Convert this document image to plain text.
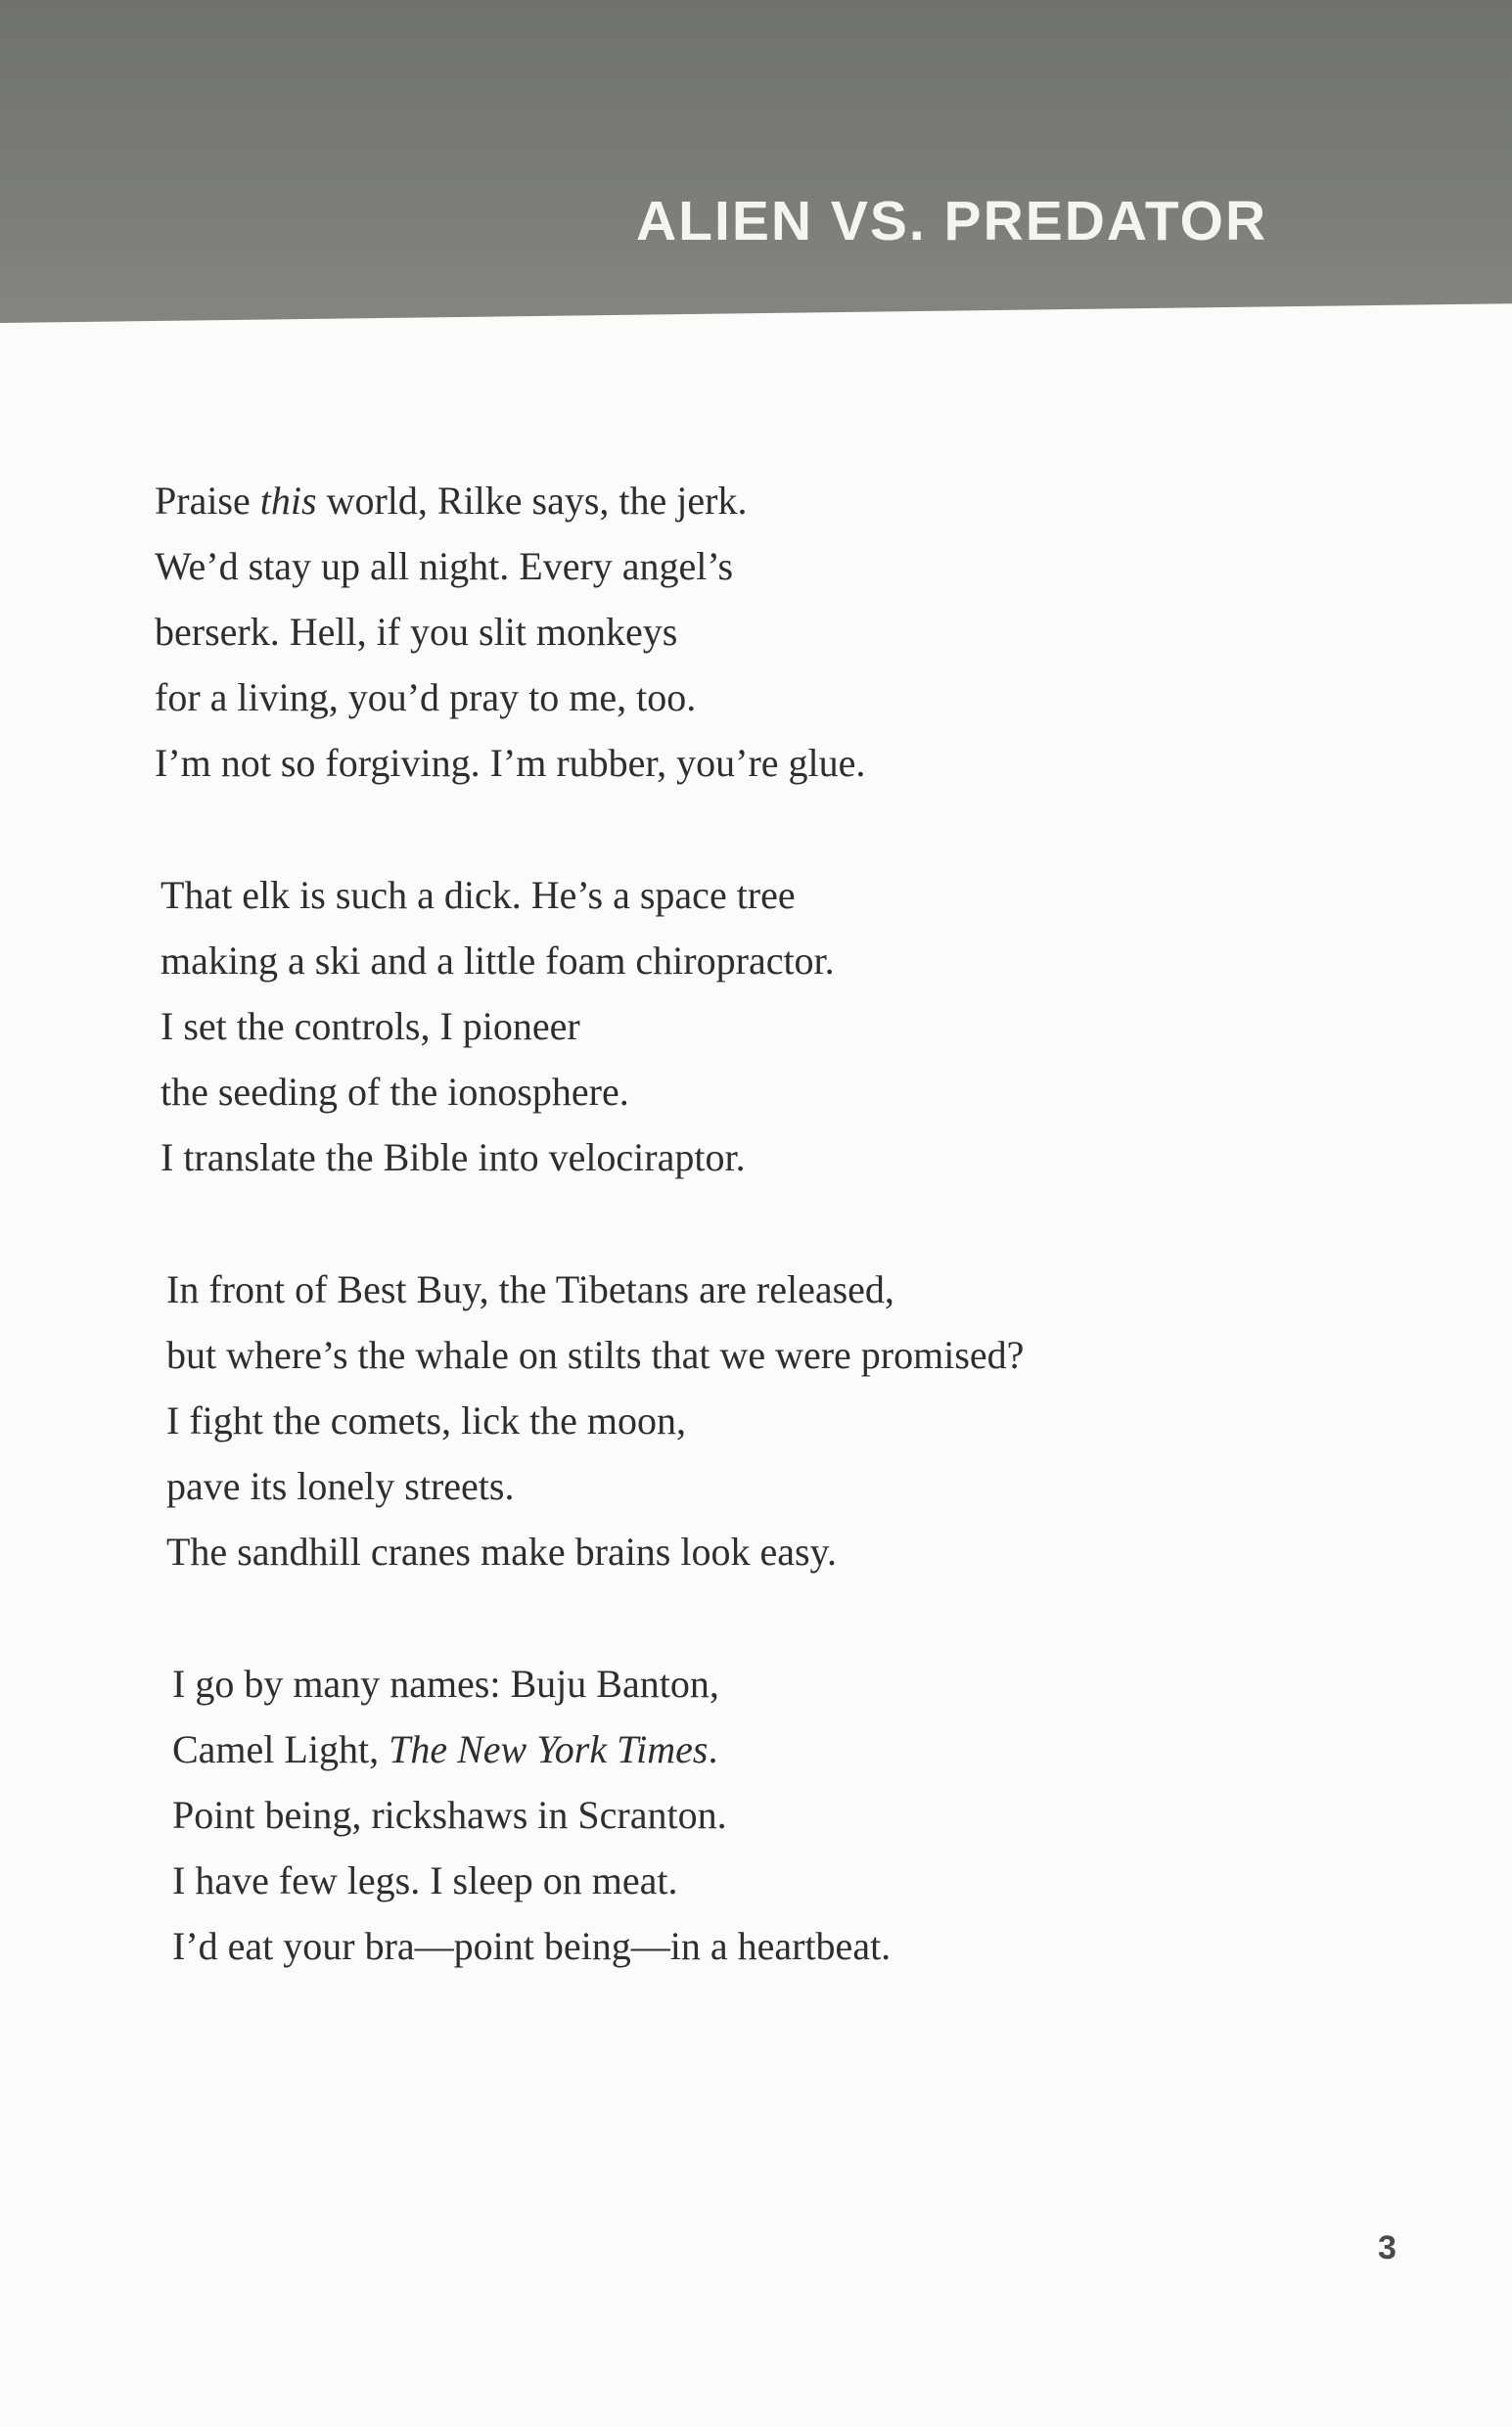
ALIEN VS. PREDATOR
Praise this world, Rilke says, the jerk.
We’d stay up all night. Every angel’s
berserk. Hell, if you slit monkeys
for a living, you’d pray to me, too.
I’m not so forgiving. I’m rubber, you’re glue.
That elk is such a dick. He’s a space tree
making a ski and a little foam chiropractor.
I set the controls, I pioneer
the seeding of the ionosphere.
I translate the Bible into velociraptor.
In front of Best Buy, the Tibetans are released,
but where’s the whale on stilts that we were promised?
I fight the comets, lick the moon,
pave its lonely streets.
The sandhill cranes make brains look easy.
I go by many names: Buju Banton,
Camel Light, The New York Times.
Point being, rickshaws in Scranton.
I have few legs. I sleep on meat.
I’d eat your bra—point being—in a heartbeat.
3
